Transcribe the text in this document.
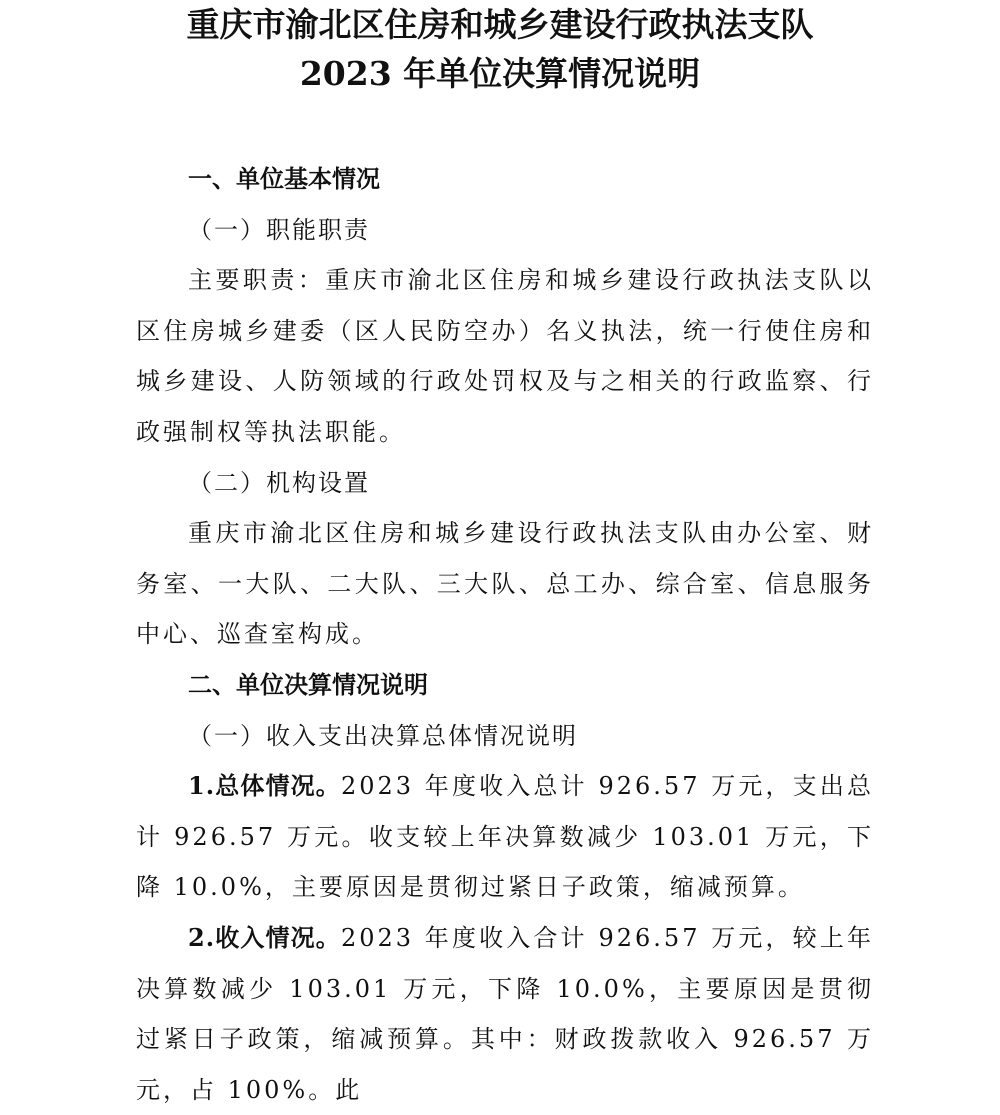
重庆市渝北区住房和城乡建设行政执法支队
2023 年单位决算情况说明

一、单位基本情况

（一）职能职责

主要职责：重庆市渝北区住房和城乡建设行政执法支队以区住房城乡建委（区人民防空办）名义执法，统一行使住房和城乡建设、人防领域的行政处罚权及与之相关的行政监察、行政强制权等执法职能。

（二）机构设置

重庆市渝北区住房和城乡建设行政执法支队由办公室、财务室、一大队、二大队、三大队、总工办、综合室、信息服务中心、巡查室构成。

二、单位决算情况说明

（一）收入支出决算总体情况说明

1.总体情况。2023 年度收入总计 926.57 万元，支出总计 926.57 万元。收支较上年决算数减少 103.01 万元，下降 10.0%，主要原因是贯彻过紧日子政策，缩减预算。

2.收入情况。2023 年度收入合计 926.57 万元，较上年决算数减少 103.01 万元，下降 10.0%，主要原因是贯彻过紧日子政策，缩减预算。其中：财政拨款收入 926.57 万元，占 100%。此
